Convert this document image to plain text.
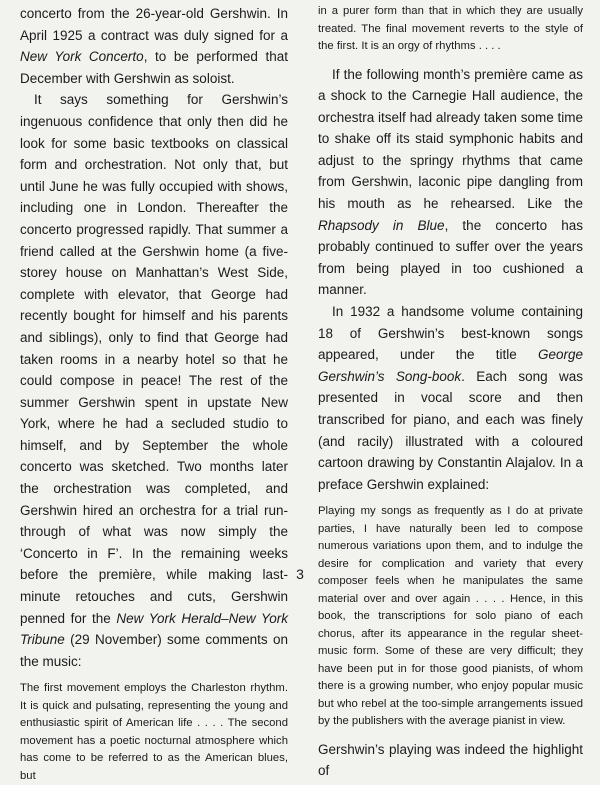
concerto from the 26-year-old Gershwin. In April 1925 a contract was duly signed for a New York Concerto, to be performed that December with Gershwin as soloist.

It says something for Gershwin’s ingenuous confidence that only then did he look for some basic textbooks on classical form and orchestration. Not only that, but until June he was fully occupied with shows, including one in London. Thereafter the concerto progressed rapidly. That summer a friend called at the Gershwin home (a five-storey house on Manhattan’s West Side, complete with elevator, that George had recently bought for himself and his parents and siblings), only to find that George had taken rooms in a nearby hotel so that he could compose in peace! The rest of the summer Gershwin spent in upstate New York, where he had a secluded studio to himself, and by September the whole concerto was sketched. Two months later the orchestration was completed, and Gershwin hired an orchestra for a trial run-through of what was now simply the ‘Concerto in F’. In the remaining weeks before the première, while making last-minute retouches and cuts, Gershwin penned for the New York Herald–New York Tribune (29 November) some comments on the music:

The first movement employs the Charleston rhythm. It is quick and pulsating, representing the young and enthusiastic spirit of American life . . . . The second movement has a poetic nocturnal atmosphere which has come to be referred to as the American blues, but

in a purer form than that in which they are usually treated. The final movement reverts to the style of the first. It is an orgy of rhythms . . . .

If the following month’s première came as a shock to the Carnegie Hall audience, the orchestra itself had already taken some time to shake off its staid symphonic habits and adjust to the springy rhythms that came from Gershwin, laconic pipe dangling from his mouth as he rehearsed. Like the Rhapsody in Blue, the concerto has probably continued to suffer over the years from being played in too cushioned a manner.

In 1932 a handsome volume containing 18 of Gershwin’s best-known songs appeared, under the title George Gershwin’s Song-book. Each song was presented in vocal score and then transcribed for piano, and each was finely (and racily) illustrated with a coloured cartoon drawing by Constantin Alajalov. In a preface Gershwin explained:

Playing my songs as frequently as I do at private parties, I have naturally been led to compose numerous variations upon them, and to indulge the desire for complication and variety that every composer feels when he manipulates the same material over and over again . . . . Hence, in this book, the transcriptions for solo piano of each chorus, after its appearance in the regular sheet-music form. Some of these are very difficult; they have been put in for those good pianists, of whom there is a growing number, who enjoy popular music but who rebel at the too-simple arrangements issued by the publishers with the average pianist in view.

Gershwin’s playing was indeed the highlight of

3
